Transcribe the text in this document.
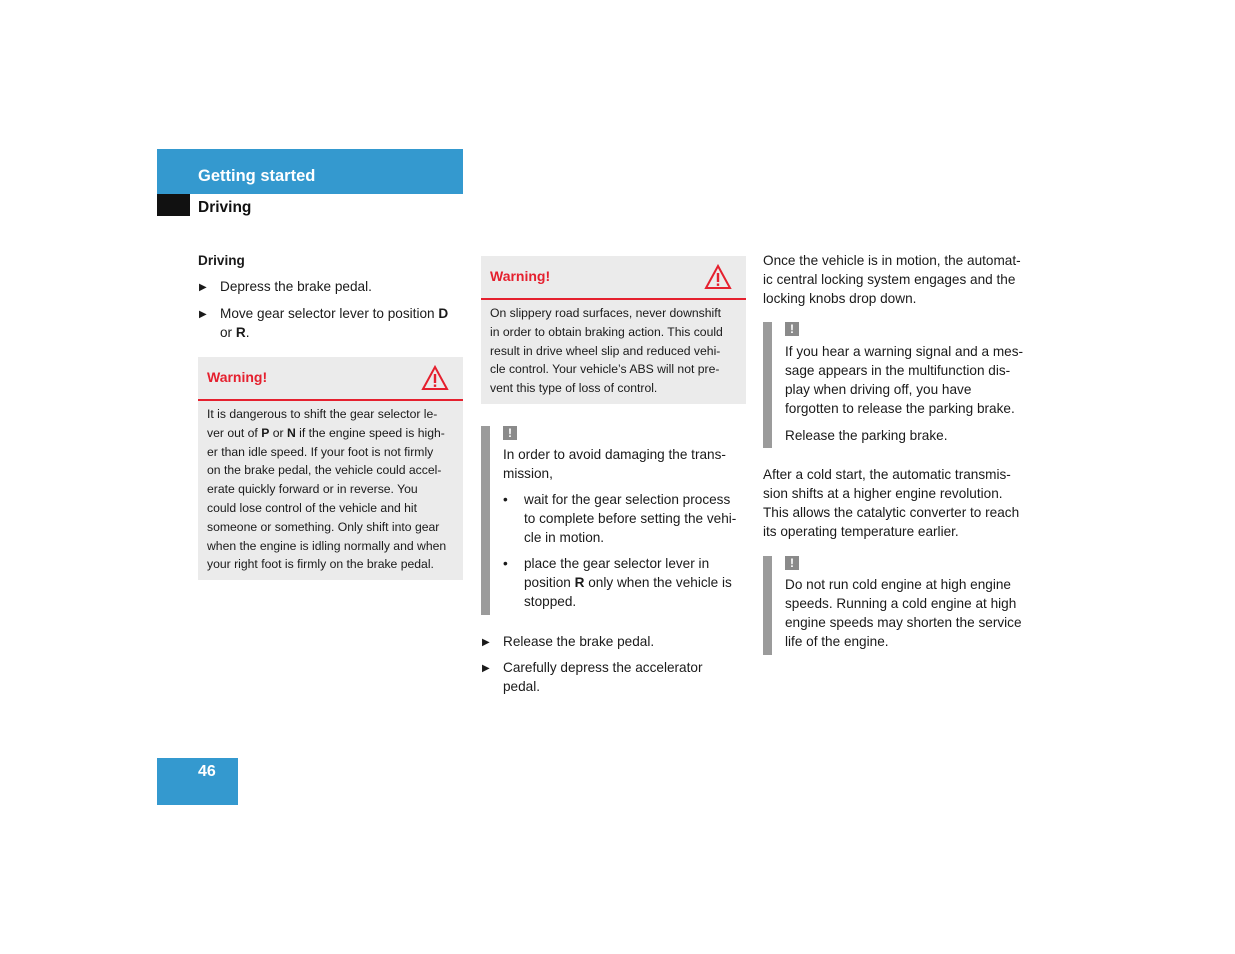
Getting started
Driving
Driving
▶ Depress the brake pedal.
▶ Move gear selector lever to position D
or R.
Warning!
It is dangerous to shift the gear selector le-
ver out of P or N if the engine speed is high-
er than idle speed. If your foot is not firmly
on the brake pedal, the vehicle could accel-
erate quickly forward or in reverse. You
could lose control of the vehicle and hit
someone or something. Only shift into gear
when the engine is idling normally and when
your right foot is firmly on the brake pedal.
Warning!
On slippery road surfaces, never downshift
in order to obtain braking action. This could
result in drive wheel slip and reduced vehi-
cle control. Your vehicle’s ABS will not pre-
vent this type of loss of control.
!
In order to avoid damaging the trans-
mission,
• wait for the gear selection process
to complete before setting the vehi-
cle in motion.
• place the gear selector lever in
position R only when the vehicle is
stopped.
▶ Release the brake pedal.
▶ Carefully depress the accelerator
pedal.
Once the vehicle is in motion, the automat-
ic central locking system engages and the
locking knobs drop down.
!
If you hear a warning signal and a mes-
sage appears in the multifunction dis-
play when driving off, you have
forgotten to release the parking brake.
Release the parking brake.
After a cold start, the automatic transmis-
sion shifts at a higher engine revolution.
This allows the catalytic converter to reach
its operating temperature earlier.
!
Do not run cold engine at high engine
speeds. Running a cold engine at high
engine speeds may shorten the service
life of the engine.
46
